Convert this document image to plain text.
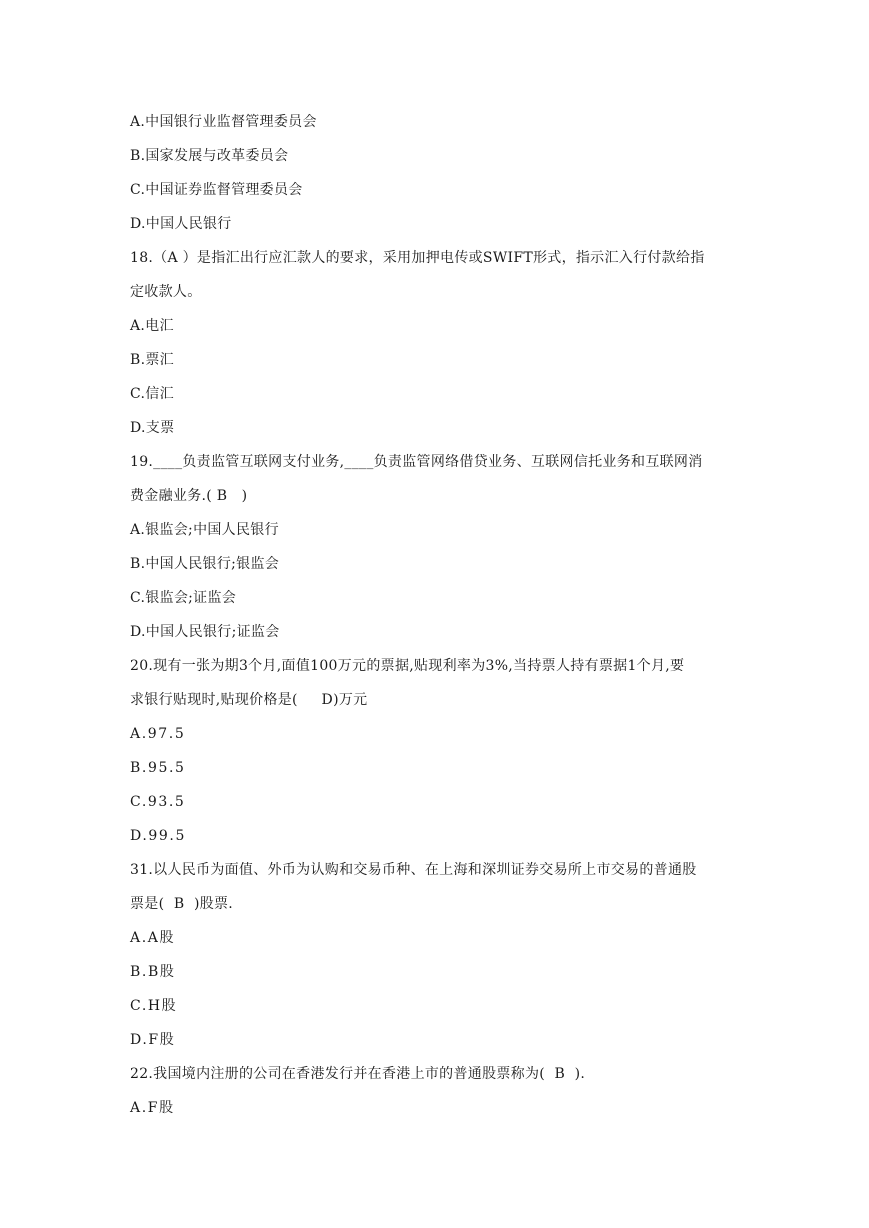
A.中国银行业监督管理委员会
B.国家发展与改革委员会
C.中国证券监督管理委员会
D.中国人民银行
18.（A ）是指汇出行应汇款人的要求，采用加押电传或SWIFT形式，指示汇入行付款给指
定收款人。
A.电汇
B.票汇
C.信汇
D.支票
19.____负责监管互联网支付业务,____负责监管网络借贷业务、互联网信托业务和互联网消
费金融业务.( B   )
A.银监会;中国人民银行
B.中国人民银行;银监会
C.银监会;证监会
D.中国人民银行;证监会
20.现有一张为期3个月,面值100万元的票据,贴现利率为3%,当持票人持有票据1个月,要
求银行贴现时,贴现价格是(     D)万元
A.97.5
B.95.5
C.93.5
D.99.5
31.以人民币为面值、外币为认购和交易币种、在上海和深圳证券交易所上市交易的普通股
票是(  B  )股票.
A.A股
B.B股
C.H股
D.F股
22.我国境内注册的公司在香港发行并在香港上市的普通股票称为(  B  ).
A.F股
